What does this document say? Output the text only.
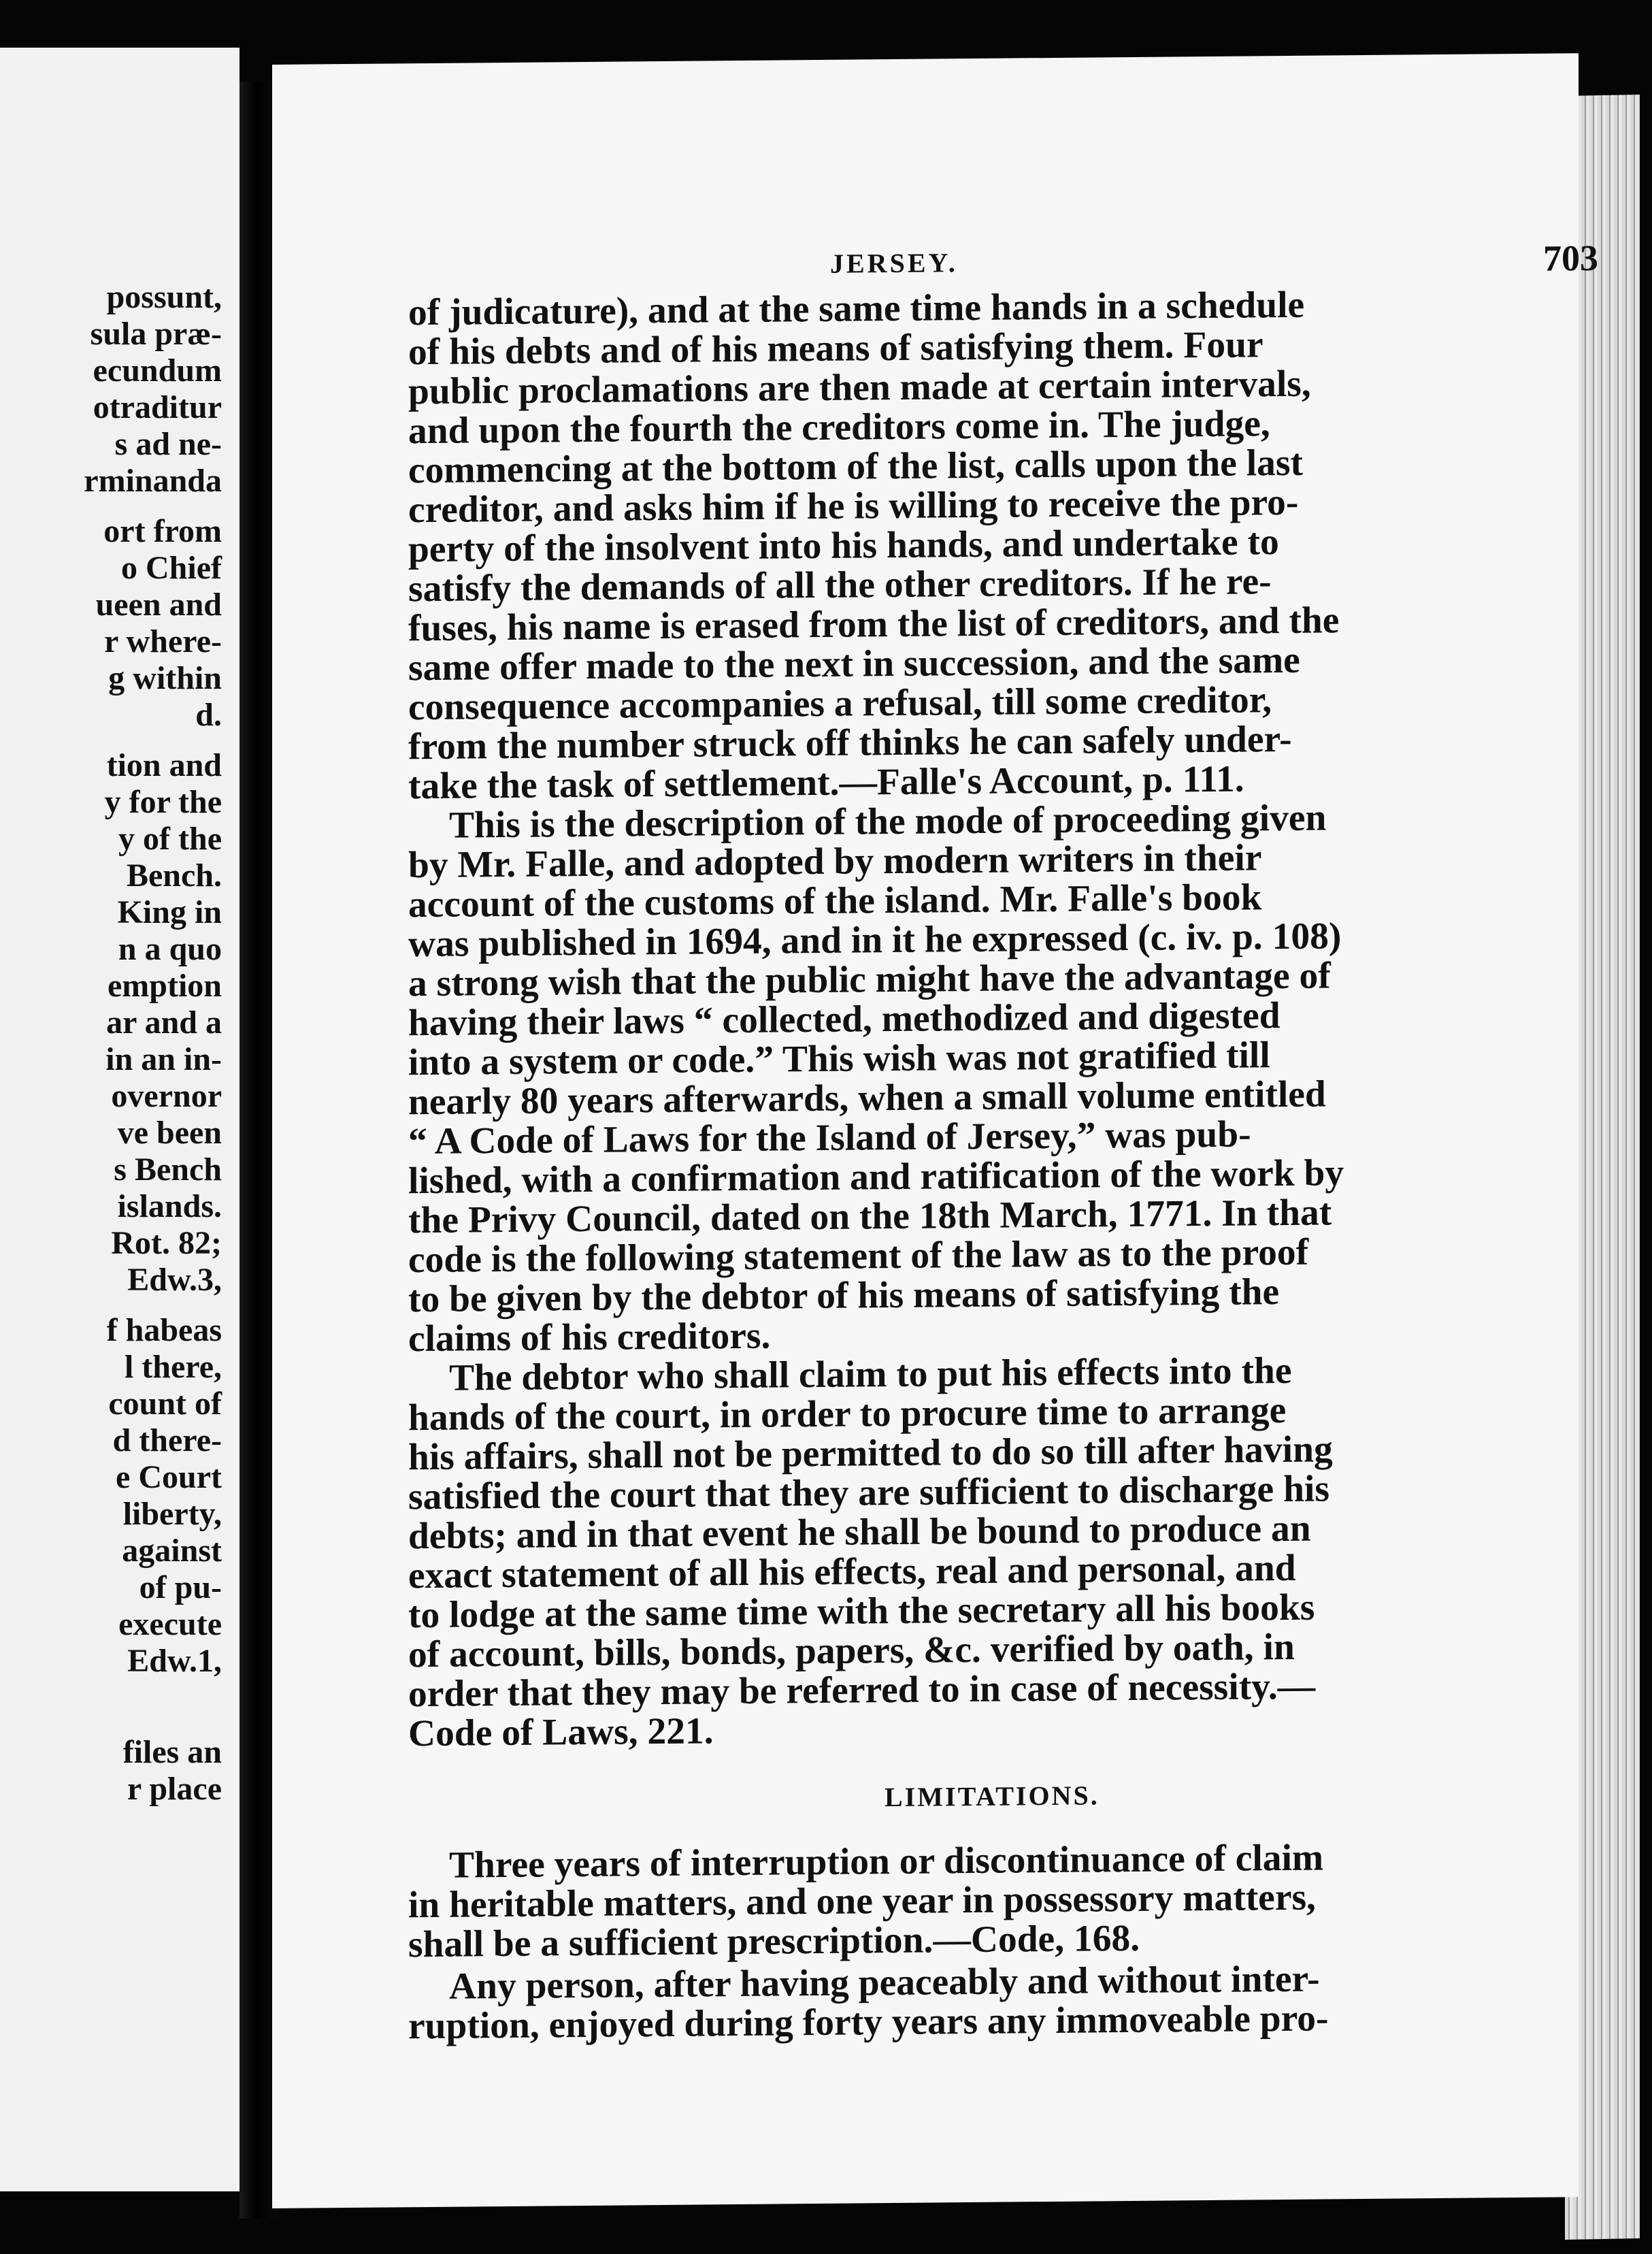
possunt,
sula præ-
ecundum
otraditur
s ad ne-
rminanda
ort from
o Chief
ueen and
r where-
g within
d.
tion and
y for the
y of the
Bench.
King in
n a quo
emption
ar and a
in an in-
overnor
ve been
s Bench
islands.
Rot. 82;
Edw.3,
f habeas
l there,
count of
d there-
e Court
liberty,
against
of pu-
execute
Edw.1,
files an
r place
JERSEY.	703
of judicature), and at the same time hands in a schedule
of his debts and of his means of satisfying them. Four
public proclamations are then made at certain intervals,
and upon the fourth the creditors come in. The judge,
commencing at the bottom of the list, calls upon the last
creditor, and asks him if he is willing to receive the pro-
perty of the insolvent into his hands, and undertake to
satisfy the demands of all the other creditors. If he re-
fuses, his name is erased from the list of creditors, and the
same offer made to the next in succession, and the same
consequence accompanies a refusal, till some creditor,
from the number struck off thinks he can safely under-
take the task of settlement.—Falle's Account, p. 111.
This is the description of the mode of proceeding given
by Mr. Falle, and adopted by modern writers in their
account of the customs of the island. Mr. Falle's book
was published in 1694, and in it he expressed (c. iv. p. 108)
a strong wish that the public might have the advantage of
having their laws “ collected, methodized and digested
into a system or code.” This wish was not gratified till
nearly 80 years afterwards, when a small volume entitled
“ A Code of Laws for the Island of Jersey,” was pub-
lished, with a confirmation and ratification of the work by
the Privy Council, dated on the 18th March, 1771. In that
code is the following statement of the law as to the proof
to be given by the debtor of his means of satisfying the
claims of his creditors.
The debtor who shall claim to put his effects into the
hands of the court, in order to procure time to arrange
his affairs, shall not be permitted to do so till after having
satisfied the court that they are sufficient to discharge his
debts; and in that event he shall be bound to produce an
exact statement of all his effects, real and personal, and
to lodge at the same time with the secretary all his books
of account, bills, bonds, papers, &c. verified by oath, in
order that they may be referred to in case of necessity.—
Code of Laws, 221.
LIMITATIONS.
Three years of interruption or discontinuance of claim
in heritable matters, and one year in possessory matters,
shall be a sufficient prescription.—Code, 168.
Any person, after having peaceably and without inter-
ruption, enjoyed during forty years any immoveable pro-
